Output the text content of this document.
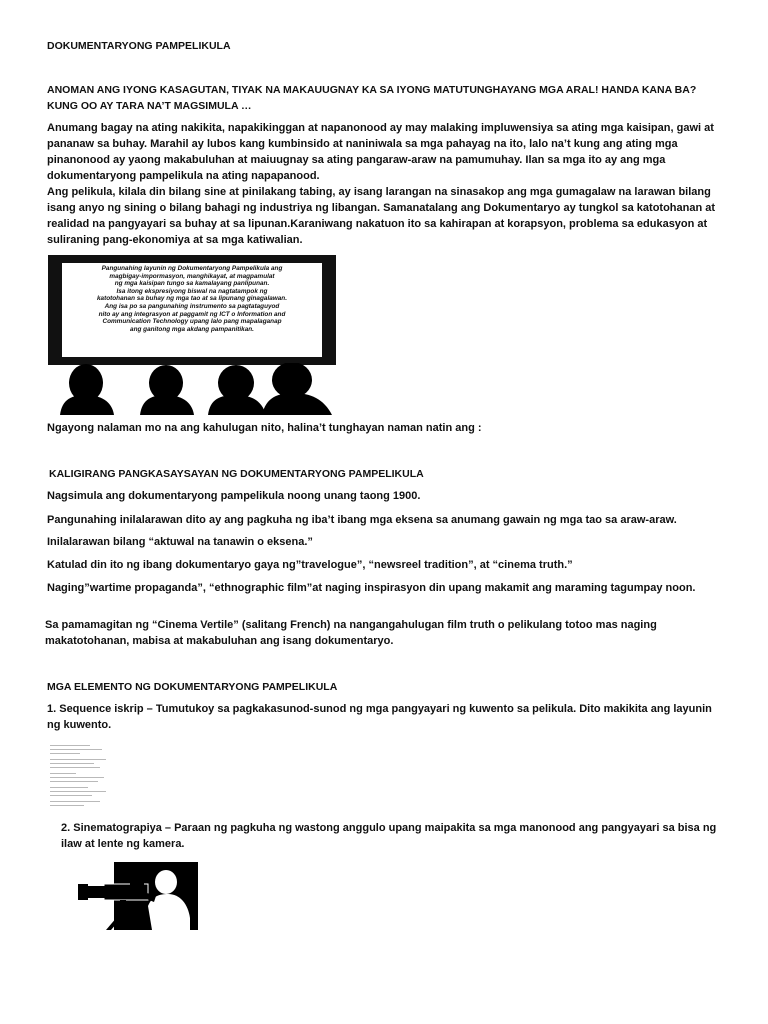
DOKUMENTARYONG PAMPELIKULA

ANOMAN ANG IYONG KASAGUTAN, TIYAK NA MAKAUUGNAY KA SA IYONG MATUTUNGHAYANG MGA ARAL! HANDA KANA BA? KUNG OO AY TARA NA’T MAGSIMULA …

Anumang bagay na ating nakikita, napakikinggan at napanonood ay may malaking impluwensiya sa ating mga kaisipan, gawi at pananaw sa buhay. Marahil ay lubos kang kumbinsido at naniniwala sa mga pahayag na ito, lalo na’t kung ang ating mga pinanonood ay yaong makabuluhan at maiuugnay sa ating pangaraw-araw na pamumuhay. Ilan sa mga ito ay ang mga dokumentaryong pampelikula na ating napapanood.

Ang pelikula, kilala din bilang sine at pinilakang tabing, ay isang larangan na sinasakop ang mga gumagalaw na larawan bilang isang anyo ng sining o bilang bahagi ng industriya ng libangan. Samanatalang ang Dokumentaryo ay tungkol sa katotohanan at realidad na pangyayari sa buhay at sa lipunan.Karaniwang nakatuon ito sa kahirapan at korapsyon, problema sa edukasyon at suliraning pang-ekonomiya at sa mga katiwalian.

Pangunahing layunin ng Dokumentaryong Pampelikula ang
magbigay-impormasyon, manghikayat, at magpamulat
ng mga kaisipan tungo sa kamalayang panlipunan.
Isa itong ekspresiyong biswal na nagtatampok ng
katotohanan sa buhay ng mga tao at sa lipunang ginagalawan.
Ang isa po sa pangunahing instrumento sa pagtataguyod
nito ay ang integrasyon at paggamit ng ICT o Information and
Communication Technology upang lalo pang mapalaganap
ang ganitong mga akdang pampanitikan.

Ngayong nalaman mo na ang kahulugan nito, halina’t tunghayan naman natin ang :

KALIGIRANG PANGKASAYSAYAN NG DOKUMENTARYONG PAMPELIKULA

Nagsimula ang dokumentaryong pampelikula noong unang taong 1900.

Pangunahing inilalarawan dito ay ang pagkuha ng iba’t ibang mga eksena sa anumang gawain ng mga tao sa araw-araw.

Inilalarawan bilang “aktuwal na tanawin o eksena.”

Katulad din ito ng ibang dokumentaryo gaya ng”travelogue”, “newsreel tradition”, at “cinema truth.”

Naging”wartime propaganda”, “ethnographic film”at naging inspirasyon din upang makamit ang maraming tagumpay noon.

Sa pamamagitan ng “Cinema Vertile” (salitang French) na nangangahulugan film truth o pelikulang totoo mas naging makatotohanan, mabisa at makabuluhan ang isang dokumentaryo.

MGA ELEMENTO NG DOKUMENTARYONG PAMPELIKULA

1. Sequence iskrip – Tumutukoy sa pagkakasunod-sunod ng mga pangyayari ng kuwento sa pelikula. Dito makikita ang layunin ng kuwento.

2. Sinematograpiya – Paraan ng pagkuha ng wastong anggulo upang maipakita sa mga manonood ang pangyayari sa bisa ng ilaw at lente ng kamera.
